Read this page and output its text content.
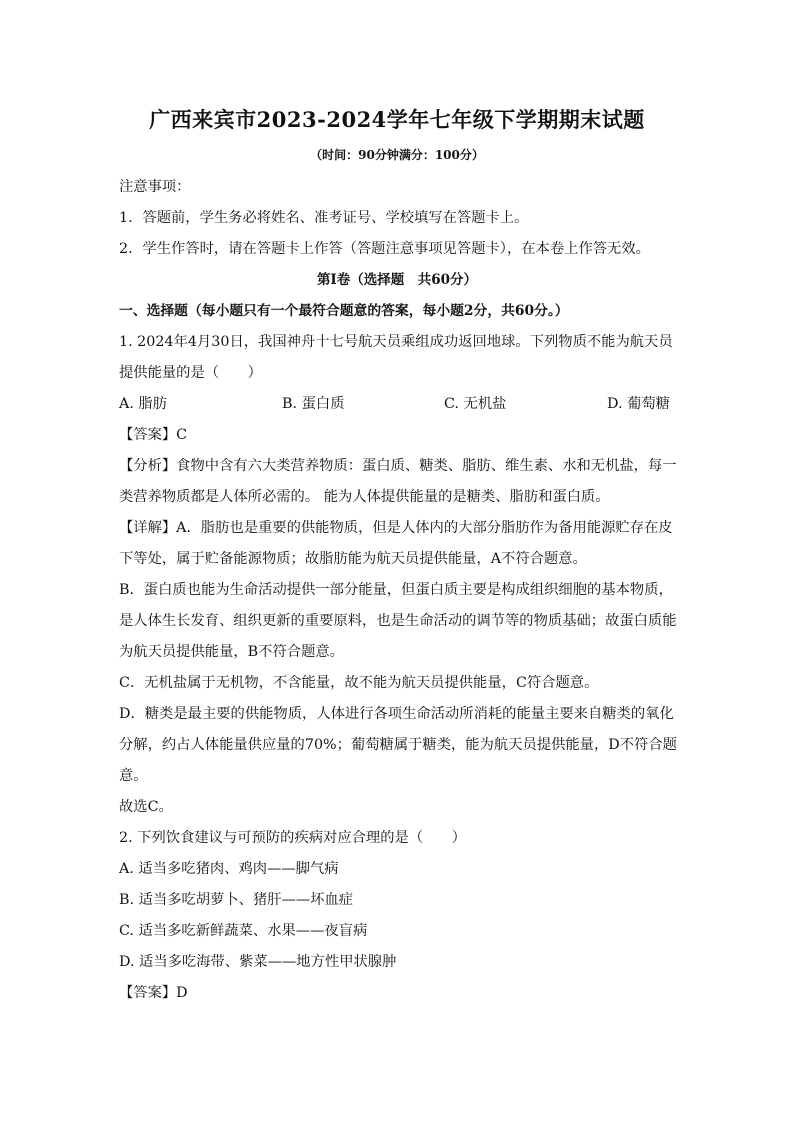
广西来宾市2023-2024学年七年级下学期期末试题
（时间：90分钟满分：100分）
注意事项：
1．答题前，学生务必将姓名、准考证号、学校填写在答题卡上。
2．学生作答时，请在答题卡上作答（答题注意事项见答题卡），在本卷上作答无效。
第Ⅰ卷（选择题　共60分）
一、选择题（每小题只有一个最符合题意的答案，每小题2分，共60分。）
1. 2024年4月30日，我国神舟十七号航天员乘组成功返回地球。下列物质不能为航天员
提供能量的是（　　）
A. 脂肪	B. 蛋白质	C. 无机盐	D. 葡萄糖
【答案】C
【分析】食物中含有六大类营养物质：蛋白质、糖类、脂肪、维生素、水和无机盐，每一
类营养物质都是人体所必需的。 能为人体提供能量的是糖类、脂肪和蛋白质。
【详解】A．脂肪也是重要的供能物质，但是人体内的大部分脂肪作为备用能源贮存在皮
下等处，属于贮备能源物质；故脂肪能为航天员提供能量，A不符合题意。
B．蛋白质也能为生命活动提供一部分能量，但蛋白质主要是构成组织细胞的基本物质，
是人体生长发育、组织更新的重要原料，也是生命活动的调节等的物质基础；故蛋白质能
为航天员提供能量，B不符合题意。
C．无机盐属于无机物，不含能量，故不能为航天员提供能量，C符合题意。
D．糖类是最主要的供能物质，人体进行各项生命活动所消耗的能量主要来自糖类的氧化
分解，约占人体能量供应量的70%；葡萄糖属于糖类，能为航天员提供能量，D不符合题
意。
故选C。
2. 下列饮食建议与可预防的疾病对应合理的是（　　）
A. 适当多吃猪肉、鸡肉——脚气病
B. 适当多吃胡萝卜、猪肝——坏血症
C. 适当多吃新鲜蔬菜、水果——夜盲病
D. 适当多吃海带、紫菜——地方性甲状腺肿
【答案】D
